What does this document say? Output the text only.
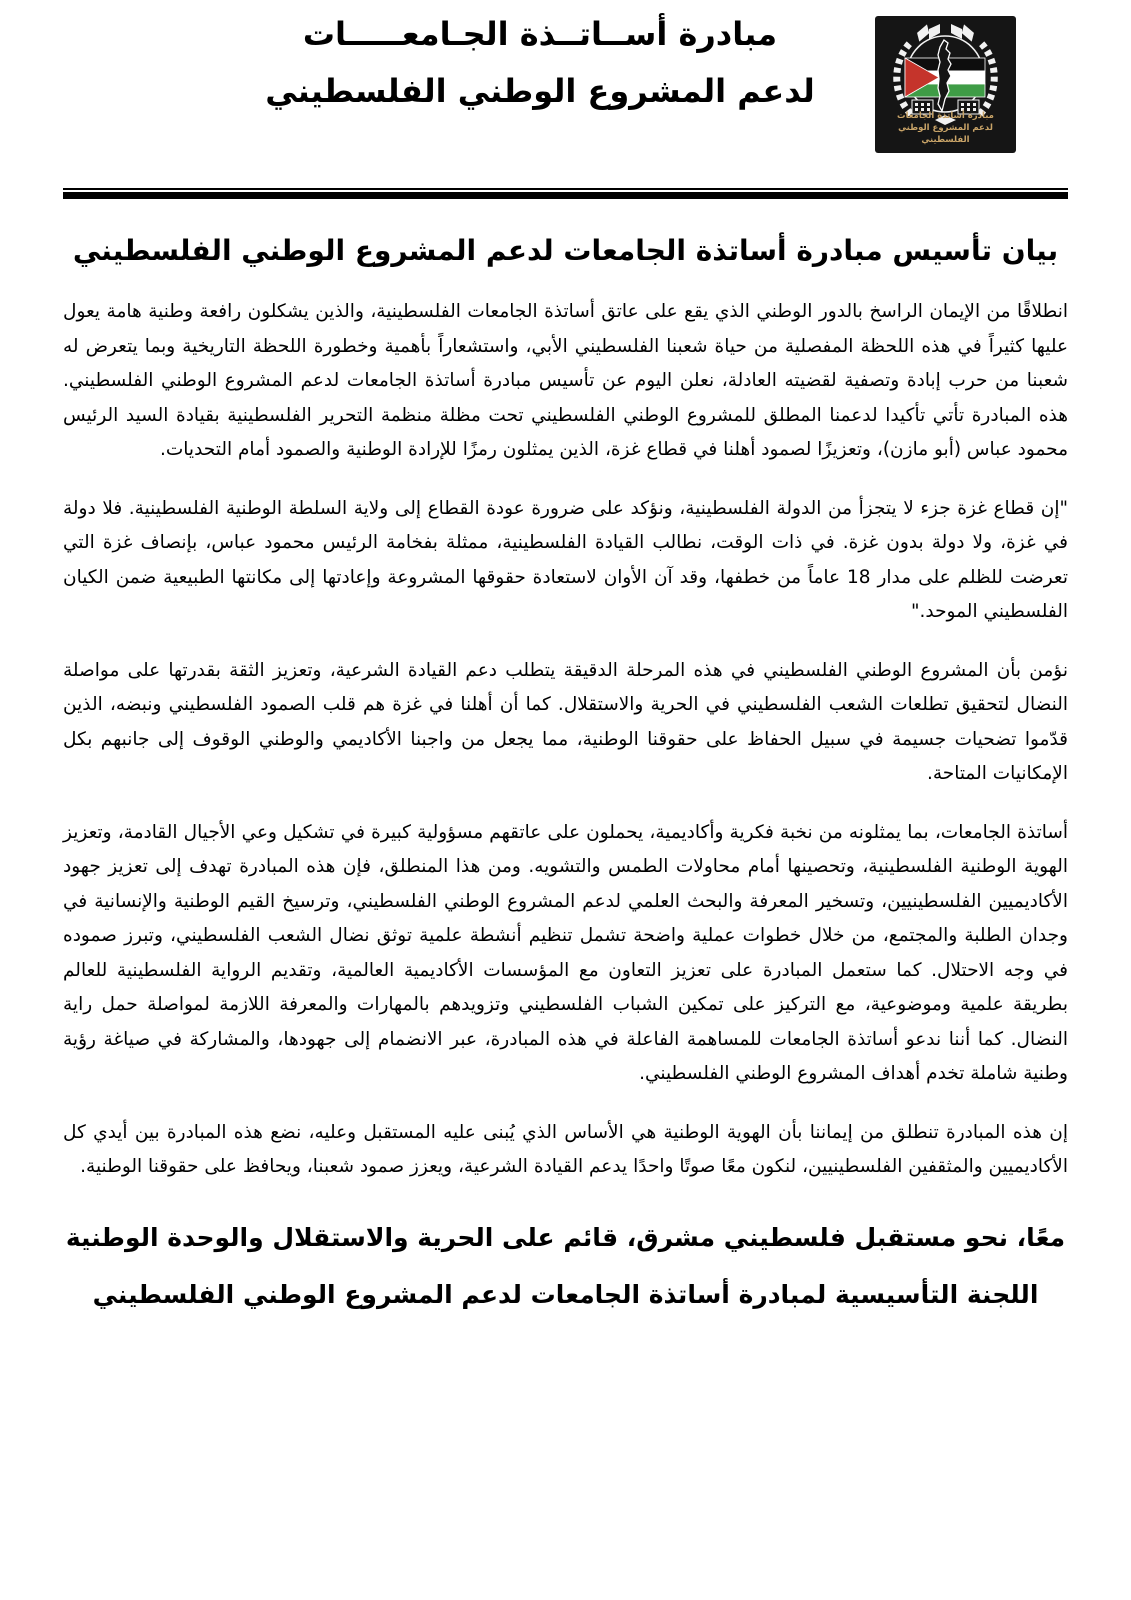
مبادرة أســاتــذة الجـامعـــــات
لدعم المشروع الوطني الفلسطيني
مبادرة أساتذة الجامعات
لدعم المشروع الوطني الفلسطيني
بيان تأسيس مبادرة أساتذة الجامعات لدعم المشروع الوطني الفلسطيني

انطلاقًا من الإيمان الراسخ بالدور الوطني الذي يقع على عاتق أساتذة الجامعات الفلسطينية، والذين يشكلون رافعة وطنية هامة يعول عليها كثيراً في هذه اللحظة المفصلية من حياة شعبنا الفلسطيني الأبي، واستشعاراً بأهمية وخطورة اللحظة التاريخية وبما يتعرض له شعبنا من حرب إبادة وتصفية لقضيته العادلة، نعلن اليوم عن تأسيس مبادرة أساتذة الجامعات لدعم المشروع الوطني الفلسطيني. هذه المبادرة تأتي تأكيدا لدعمنا المطلق للمشروع الوطني الفلسطيني تحت مظلة منظمة التحرير الفلسطينية بقيادة السيد الرئيس محمود عباس (أبو مازن)، وتعزيزًا لصمود أهلنا في قطاع غزة، الذين يمثلون رمزًا للإرادة الوطنية والصمود أمام التحديات.

"إن قطاع غزة جزء لا يتجزأ من الدولة الفلسطينية، ونؤكد على ضرورة عودة القطاع إلى ولاية السلطة الوطنية الفلسطينية. فلا دولة في غزة، ولا دولة بدون غزة. في ذات الوقت، نطالب القيادة الفلسطينية، ممثلة بفخامة الرئيس محمود عباس، بإنصاف غزة التي تعرضت للظلم على مدار 18 عاماً من خطفها، وقد آن الأوان لاستعادة حقوقها المشروعة وإعادتها إلى مكانتها الطبيعية ضمن الكيان الفلسطيني الموحد."

نؤمن بأن المشروع الوطني الفلسطيني في هذه المرحلة الدقيقة يتطلب دعم القيادة الشرعية، وتعزيز الثقة بقدرتها على مواصلة النضال لتحقيق تطلعات الشعب الفلسطيني في الحرية والاستقلال. كما أن أهلنا في غزة هم قلب الصمود الفلسطيني ونبضه، الذين قدّموا تضحيات جسيمة في سبيل الحفاظ على حقوقنا الوطنية، مما يجعل من واجبنا الأكاديمي والوطني الوقوف إلى جانبهم بكل الإمكانيات المتاحة.

أساتذة الجامعات، بما يمثلونه من نخبة فكرية وأكاديمية، يحملون على عاتقهم مسؤولية كبيرة في تشكيل وعي الأجيال القادمة، وتعزيز الهوية الوطنية الفلسطينية، وتحصينها أمام محاولات الطمس والتشويه. ومن هذا المنطلق، فإن هذه المبادرة تهدف إلى تعزيز جهود الأكاديميين الفلسطينيين، وتسخير المعرفة والبحث العلمي لدعم المشروع الوطني الفلسطيني، وترسيخ القيم الوطنية والإنسانية في وجدان الطلبة والمجتمع، من خلال خطوات عملية واضحة تشمل تنظيم أنشطة علمية توثق نضال الشعب الفلسطيني، وتبرز صموده في وجه الاحتلال. كما ستعمل المبادرة على تعزيز التعاون مع المؤسسات الأكاديمية العالمية، وتقديم الرواية الفلسطينية للعالم بطريقة علمية وموضوعية، مع التركيز على تمكين الشباب الفلسطيني وتزويدهم بالمهارات والمعرفة اللازمة لمواصلة حمل راية النضال. كما أننا ندعو أساتذة الجامعات للمساهمة الفاعلة في هذه المبادرة، عبر الانضمام إلى جهودها، والمشاركة في صياغة رؤية وطنية شاملة تخدم أهداف المشروع الوطني الفلسطيني.

إن هذه المبادرة تنطلق من إيماننا بأن الهوية الوطنية هي الأساس الذي يُبنى عليه المستقبل وعليه، نضع هذه المبادرة بين أيدي كل الأكاديميين والمثقفين الفلسطينيين، لنكون معًا صوتًا واحدًا يدعم القيادة الشرعية، ويعزز صمود شعبنا، ويحافظ على حقوقنا الوطنية.

معًا، نحو مستقبل فلسطيني مشرق، قائم على الحرية والاستقلال والوحدة الوطنية
اللجنة التأسيسية لمبادرة أساتذة الجامعات لدعم المشروع الوطني الفلسطيني
